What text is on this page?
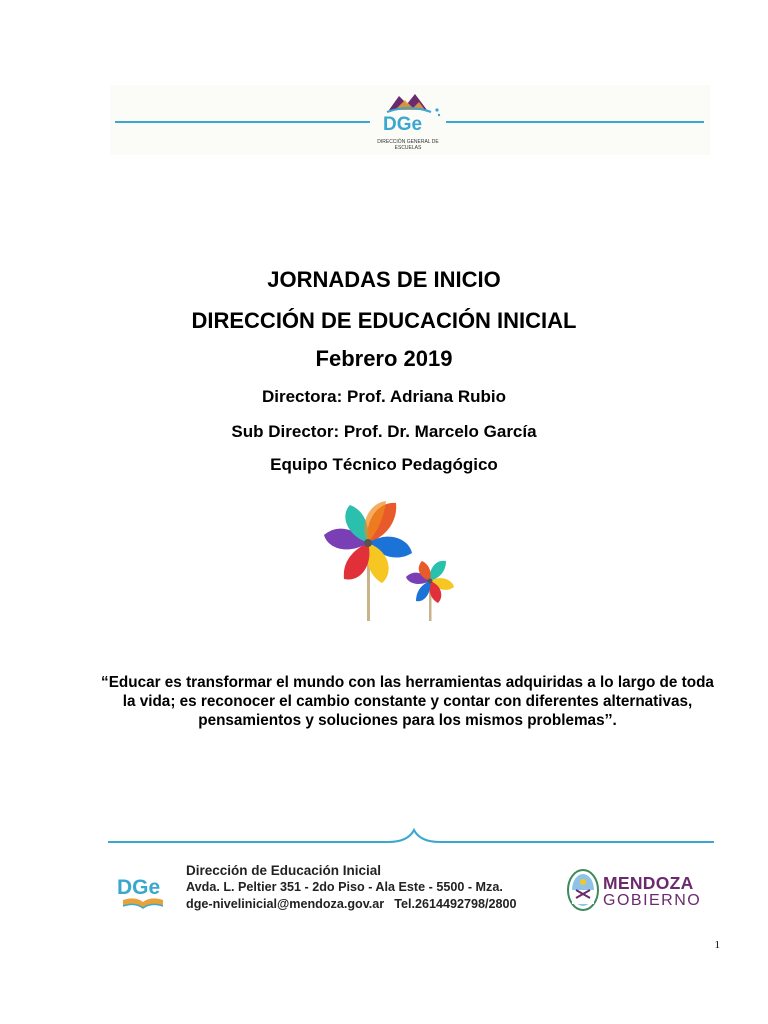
DGe
DIRECCIÓN GENERAL DE ESCUELAS
JORNADAS DE INICIO
DIRECCIÓN DE EDUCACIÓN INICIAL
Febrero 2019
Directora: Prof. Adriana Rubio
Sub Director: Prof. Dr. Marcelo García
Equipo Técnico Pedagógico

“Educar es transformar el mundo con las herramientas adquiridas a lo largo de toda la vida; es reconocer el cambio constante y contar con diferentes alternativas, pensamientos y soluciones para los mismos problemas’’.

DGe
Dirección de Educación Inicial
Avda. L. Peltier 351 - 2do Piso - Ala Este - 5500 - Mza.
dge-nivelinicial@mendoza.gov.ar Tel.2614492798/2800
MENDOZA
GOBIERNO
1
